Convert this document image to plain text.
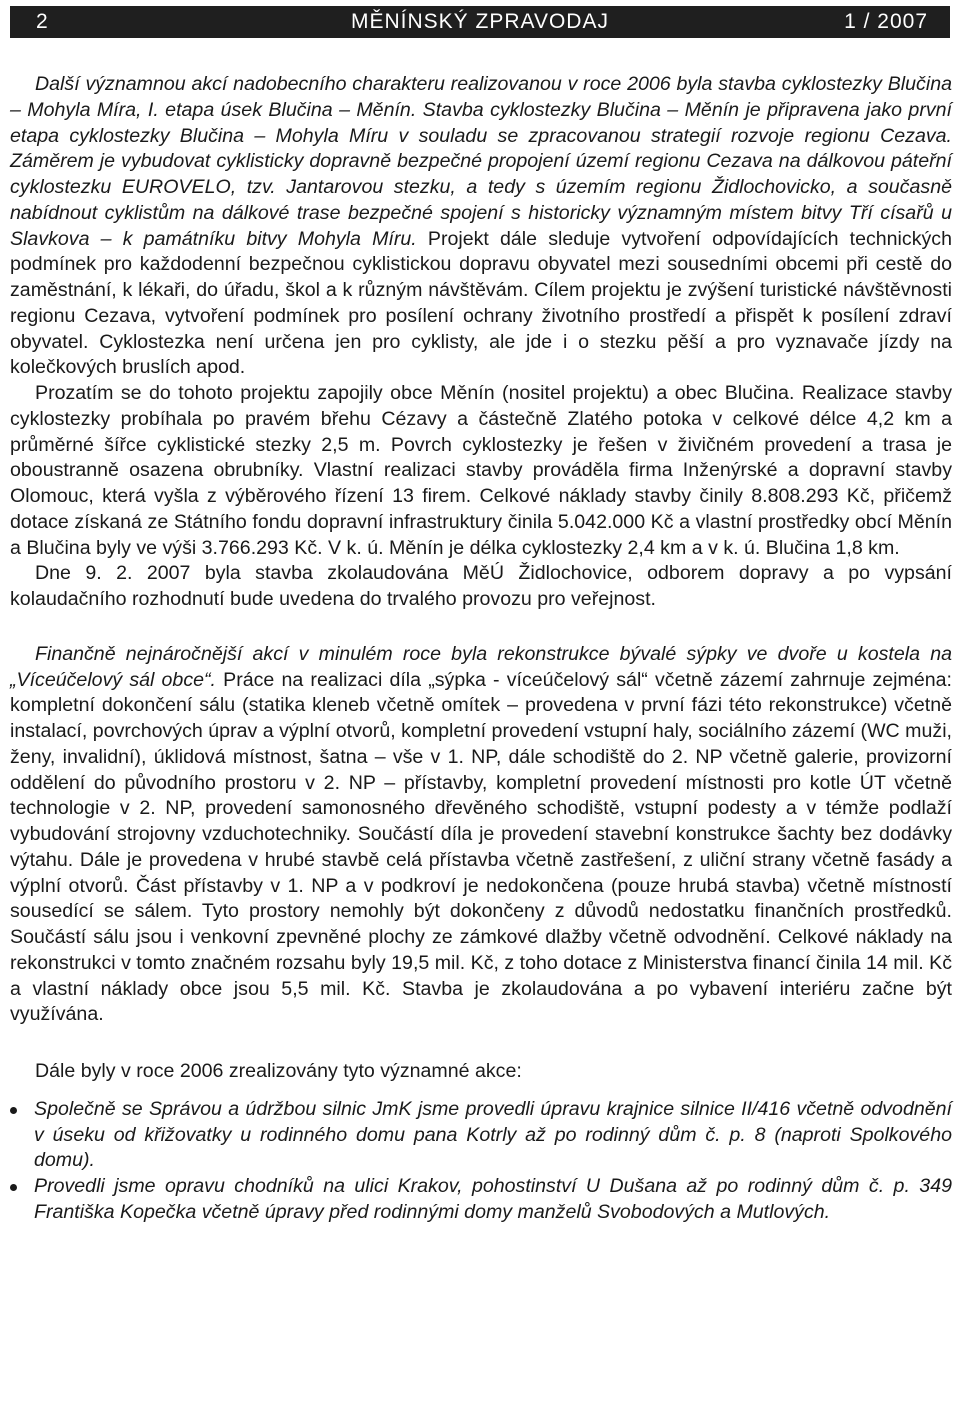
2	MĚNÍNSKÝ ZPRAVODAJ	1 / 2007

Další významnou akcí nadobecního charakteru realizovanou v roce 2006 byla stavba cyklostezky Blučina – Mohyla Míra, I. etapa úsek Blučina – Měnín. Stavba cyklostezky Blučina – Měnín je připravena jako první etapa cyklostezky Blučina – Mohyla Míru v souladu se zpracovanou strategií rozvoje regionu Cezava. Záměrem je vybudovat cyklisticky dopravně bezpečné propojení území regionu Cezava na dálkovou páteřní cyklostezku EUROVELO, tzv. Jantarovou stezku, a tedy s územím regionu Židlochovicko, a současně nabídnout cyklistům na dálkové trase bezpečné spojení s historicky významným místem bitvy Tří císařů u Slavkova – k památníku bitvy Mohyla Míru. Projekt dále sleduje vytvoření odpovídajících technických podmínek pro každodenní bezpečnou cyklistickou dopravu obyvatel mezi sousedními obcemi při cestě do zaměstnání, k lékaři, do úřadu, škol a k různým návštěvám. Cílem projektu je zvýšení turistické návštěvnosti regionu Cezava, vytvoření podmínek pro posílení ochrany životního prostředí a přispět k posílení zdraví obyvatel. Cyklostezka není určena jen pro cyklisty, ale jde i o stezku pěší a pro vyznavače jízdy na kolečkových bruslích apod.

Prozatím se do tohoto projektu zapojily obce Měnín (nositel projektu) a obec Blučina. Realizace stavby cyklostezky probíhala po pravém břehu Cézavy a částečně Zlatého potoka v celkové délce 4,2 km a průměrné šířce cyklistické stezky 2,5 m. Povrch cyklostezky je řešen v živičném provedení a trasa je oboustranně osazena obrubníky. Vlastní realizaci stavby prováděla firma Inženýrské a dopravní stavby Olomouc, která vyšla z výběrového řízení 13 firem. Celkové náklady stavby činily 8.808.293 Kč, přičemž dotace získaná ze Státního fondu dopravní infrastruktury činila 5.042.000 Kč a vlastní prostředky obcí Měnín a Blučina byly ve výši 3.766.293 Kč. V k. ú. Měnín je délka cyklostezky 2,4 km a v k. ú. Blučina 1,8 km.

Dne 9. 2. 2007 byla stavba zkolaudována MěÚ Židlochovice, odborem dopravy a po vypsání kolaudačního rozhodnutí bude uvedena do trvalého provozu pro veřejnost.

Finančně nejnáročnější akcí v minulém roce byla rekonstrukce bývalé sýpky ve dvoře u kostela na „Víceúčelový sál obce“. Práce na realizaci díla „sýpka - víceúčelový sál“ včetně zázemí zahrnuje zejména: kompletní dokončení sálu (statika kleneb včetně omítek – provedena v první fázi této rekonstrukce) včetně instalací, povrchových úprav a výplní otvorů, kompletní provedení vstupní haly, sociálního zázemí (WC muži, ženy, invalidní), úklidová místnost, šatna – vše v 1. NP, dále schodiště do 2. NP včetně galerie, provizorní oddělení do původního prostoru v 2. NP – přístavby, kompletní provedení místnosti pro kotle ÚT včetně technologie v 2. NP, provedení samonosného dřevěného schodiště, vstupní podesty a v témže podlaží vybudování strojovny vzduchotechniky. Součástí díla je provedení stavební konstrukce šachty bez dodávky výtahu. Dále je provedena v hrubé stavbě celá přístavba včetně zastřešení, z uliční strany včetně fasády a výplní otvorů. Část přístavby v 1. NP a v podkroví je nedokončena (pouze hrubá stavba) včetně místností sousedící se sálem. Tyto prostory nemohly být dokončeny z důvodů nedostatku finančních prostředků. Součástí sálu jsou i venkovní zpevněné plochy ze zámkové dlažby včetně odvodnění. Celkové náklady na rekonstrukci v tomto značném rozsahu byly 19,5 mil. Kč, z toho dotace z Ministerstva financí činila 14 mil. Kč a vlastní náklady obce jsou 5,5 mil. Kč. Stavba je zkolaudována a po vybavení interiéru začne být využívána.

Dále byly v roce 2006 zrealizovány tyto významné akce:

Společně se Správou a údržbou silnic JmK jsme provedli úpravu krajnice silnice II/416 včetně odvodnění v úseku od křižovatky u rodinného domu pana Kotrly až po rodinný dům č. p. 8 (naproti Spolkového domu).
Provedli jsme opravu chodníků na ulici Krakov, pohostinství U Dušana až po rodinný dům č. p. 349 Františka Kopečka včetně úpravy před rodinnými domy manželů Svobodových a Mutlových.
